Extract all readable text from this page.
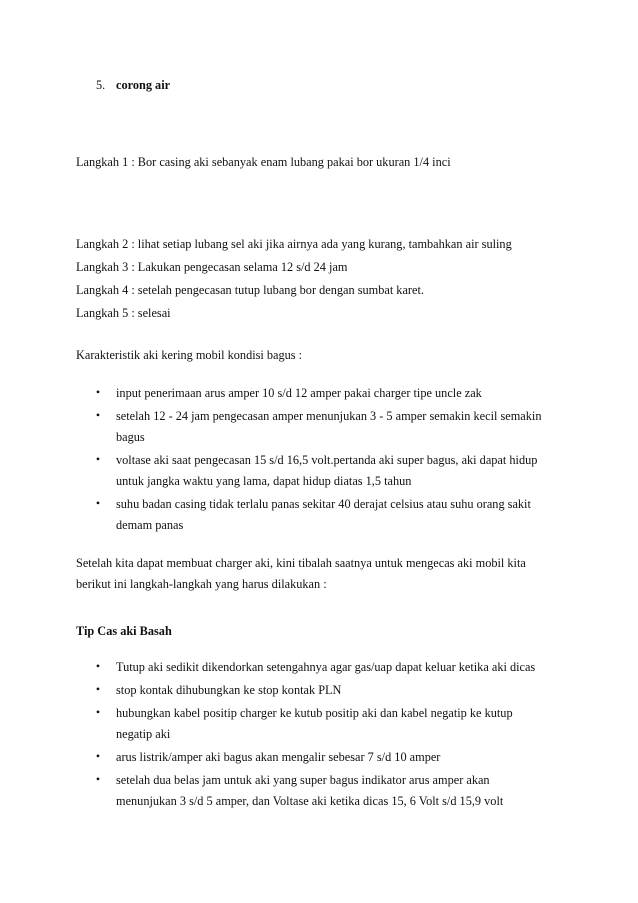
5. corong air
Langkah 1 : Bor casing aki sebanyak enam lubang pakai bor ukuran 1/4 inci
Langkah 2 : lihat setiap lubang sel aki jika airnya ada yang kurang, tambahkan air suling
Langkah 3 : Lakukan pengecasan selama 12 s/d 24 jam
Langkah 4 : setelah pengecasan tutup lubang bor dengan sumbat karet.
Langkah 5 : selesai
Karakteristik aki kering mobil kondisi bagus :
• input penerimaan arus amper 10 s/d 12 amper pakai charger tipe uncle zak
• setelah 12 - 24 jam pengecasan amper menunjukan 3 - 5 amper semakin kecil semakin
bagus
• voltase aki saat pengecasan 15 s/d 16,5 volt.pertanda aki super bagus, aki dapat hidup
untuk jangka waktu yang lama, dapat hidup diatas 1,5 tahun
• suhu badan casing tidak terlalu panas sekitar 40 derajat celsius atau suhu orang sakit
demam panas
Setelah kita dapat membuat charger aki, kini tibalah saatnya untuk mengecas aki mobil kita
berikut ini langkah-langkah yang harus dilakukan :
Tip Cas aki Basah
• Tutup aki sedikit dikendorkan setengahnya agar gas/uap dapat keluar ketika aki dicas
• stop kontak dihubungkan ke stop kontak PLN
• hubungkan kabel positip charger ke kutub positip aki dan kabel negatip ke kutup
negatip aki
• arus listrik/amper aki bagus akan mengalir sebesar 7 s/d 10 amper
• setelah dua belas jam untuk aki yang super bagus indikator arus amper akan
menunjukan 3 s/d 5 amper, dan Voltase aki ketika dicas 15, 6 Volt s/d 15,9 volt
